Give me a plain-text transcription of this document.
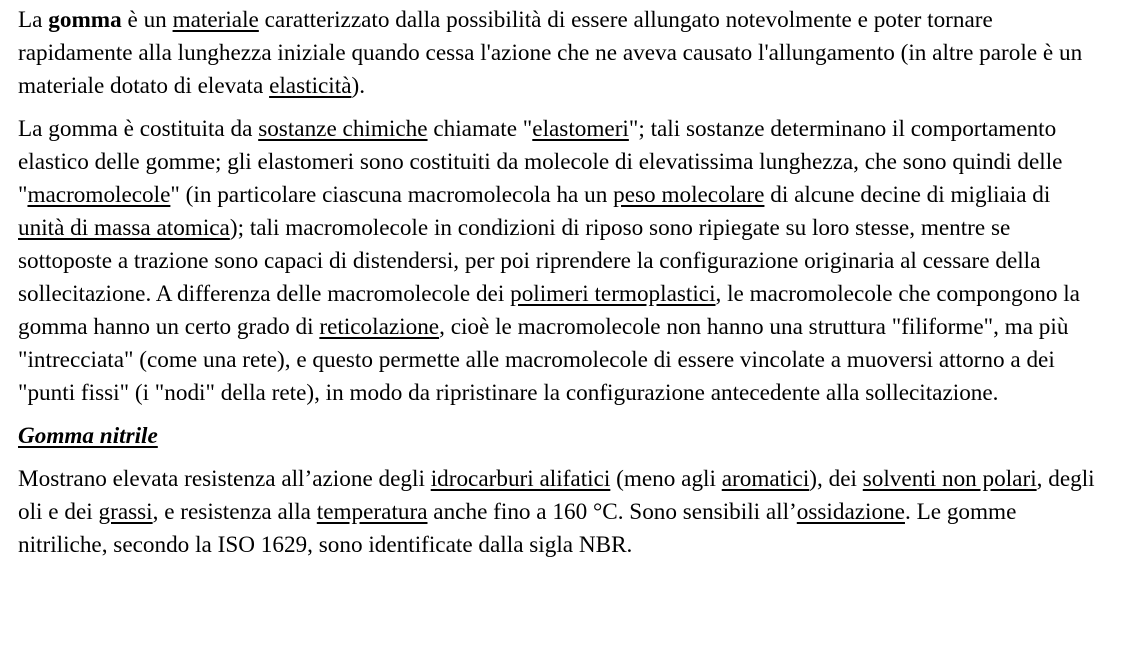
La gomma è un materiale caratterizzato dalla possibilità di essere allungato notevolmente e poter tornare rapidamente alla lunghezza iniziale quando cessa l'azione che ne aveva causato l'allungamento (in altre parole è un materiale dotato di elevata elasticità).

La gomma è costituita da sostanze chimiche chiamate "elastomeri"; tali sostanze determinano il comportamento elastico delle gomme; gli elastomeri sono costituiti da molecole di elevatissima lunghezza, che sono quindi delle "macromolecole" (in particolare ciascuna macromolecola ha un peso molecolare di alcune decine di migliaia di unità di massa atomica); tali macromolecole in condizioni di riposo sono ripiegate su loro stesse, mentre se sottoposte a trazione sono capaci di distendersi, per poi riprendere la configurazione originaria al cessare della sollecitazione. A differenza delle macromolecole dei polimeri termoplastici, le macromolecole che compongono la gomma hanno un certo grado di reticolazione, cioè le macromolecole non hanno una struttura "filiforme", ma più "intrecciata" (come una rete), e questo permette alle macromolecole di essere vincolate a muoversi attorno a dei "punti fissi" (i "nodi" della rete), in modo da ripristinare la configurazione antecedente alla sollecitazione.

Gomma nitrile

Mostrano elevata resistenza all’azione degli idrocarburi alifatici (meno agli aromatici), dei solventi non polari, degli oli e dei grassi, e resistenza alla temperatura anche fino a 160 °C. Sono sensibili all’ossidazione. Le gomme nitriliche, secondo la ISO 1629, sono identificate dalla sigla NBR.
